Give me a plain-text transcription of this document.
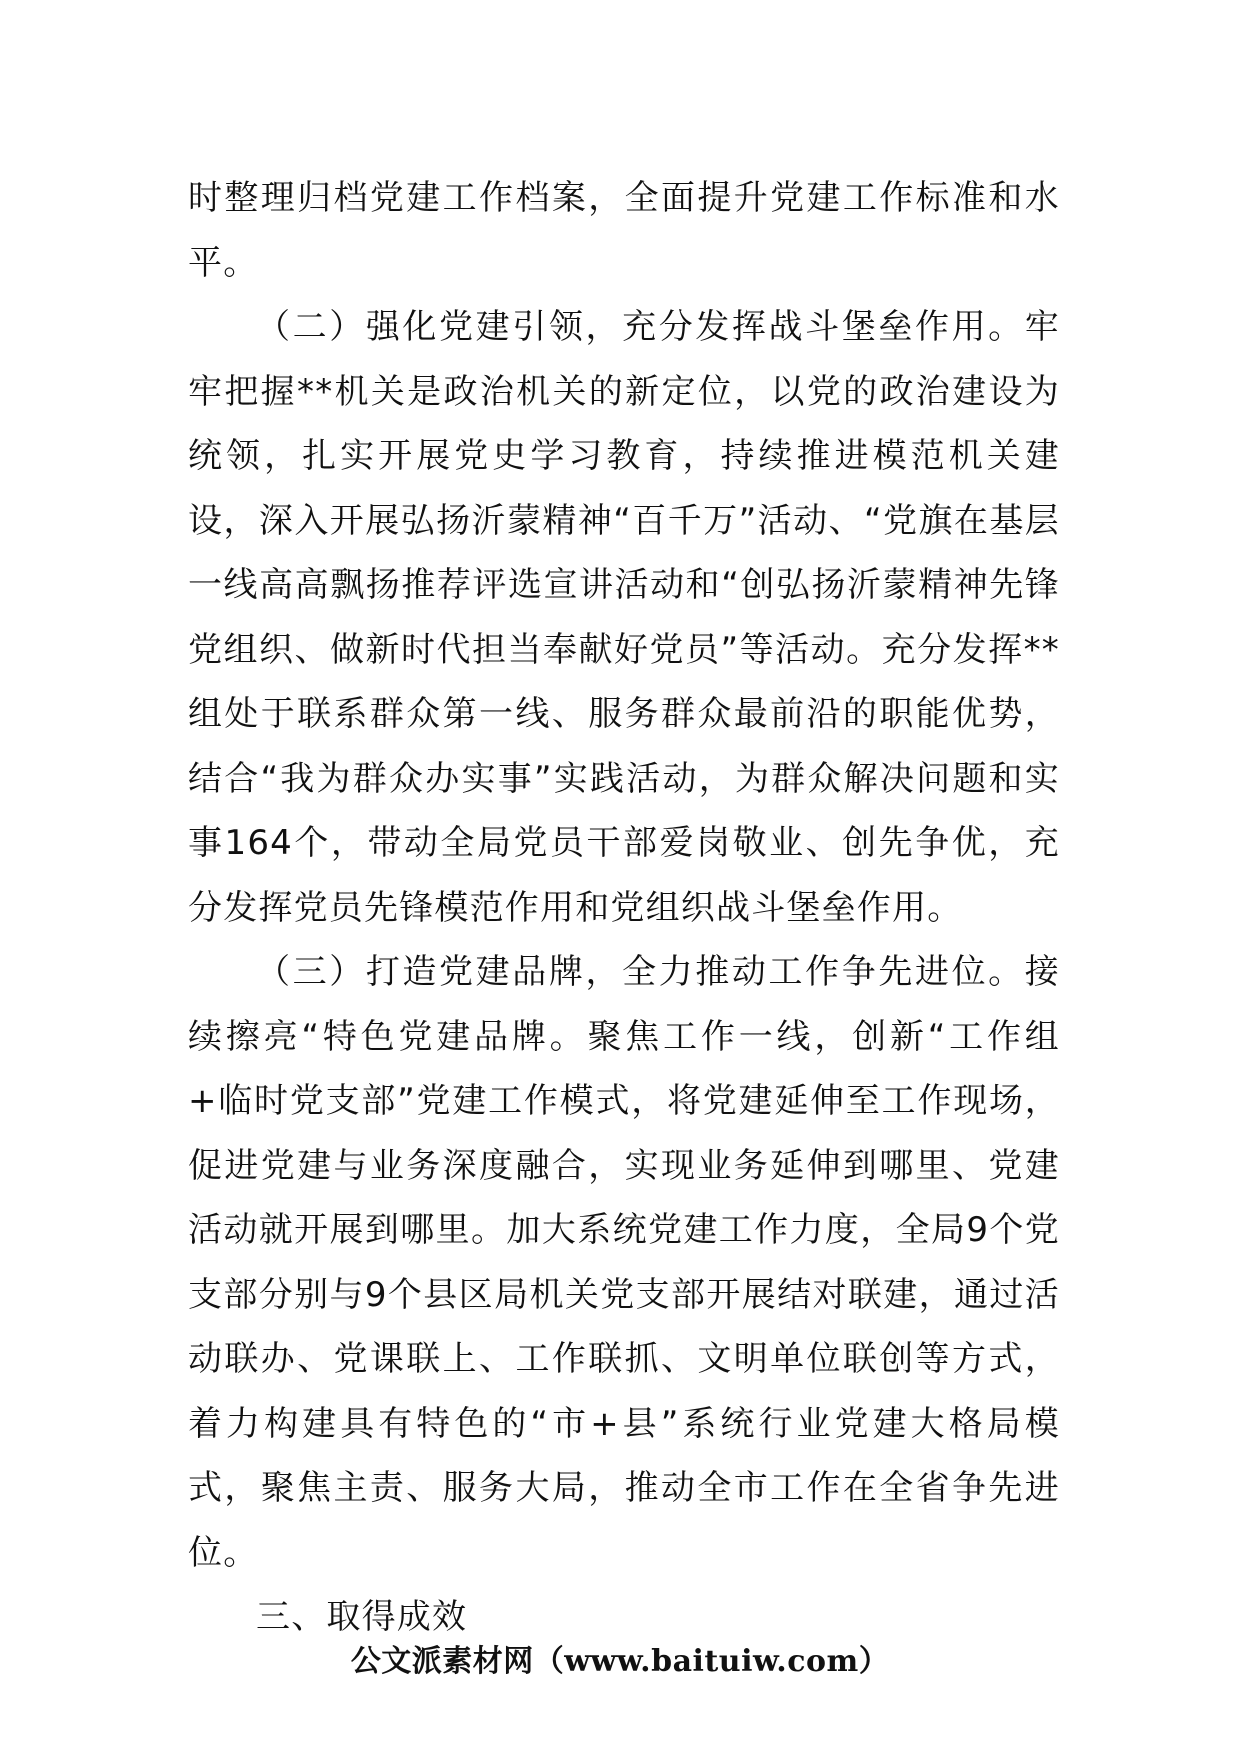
时整理归档党建工作档案，全面提升党建工作标准和水平。

（二）强化党建引领，充分发挥战斗堡垒作用。牢牢把握**机关是政治机关的新定位，以党的政治建设为统领，扎实开展党史学习教育，持续推进模范机关建设，深入开展弘扬沂蒙精神“百千万”活动、“党旗在基层一线高高飘扬推荐评选宣讲活动和“创弘扬沂蒙精神先锋党组织、做新时代担当奉献好党员”等活动。充分发挥**组处于联系群众第一线、服务群众最前沿的职能优势，结合“我为群众办实事”实践活动，为群众解决问题和实事164个，带动全局党员干部爱岗敬业、创先争优，充分发挥党员先锋模范作用和党组织战斗堡垒作用。

（三）打造党建品牌，全力推动工作争先进位。接续擦亮“特色党建品牌。聚焦工作一线，创新“工作组+临时党支部”党建工作模式，将党建延伸至工作现场，促进党建与业务深度融合，实现业务延伸到哪里、党建活动就开展到哪里。加大系统党建工作力度，全局9个党支部分别与9个县区局机关党支部开展结对联建，通过活动联办、党课联上、工作联抓、文明单位联创等方式，着力构建具有特色的“市+县”系统行业党建大格局模式，聚焦主责、服务大局，推动全市工作在全省争先进位。

三、取得成效

公文派素材网（www.baituiw.com）
